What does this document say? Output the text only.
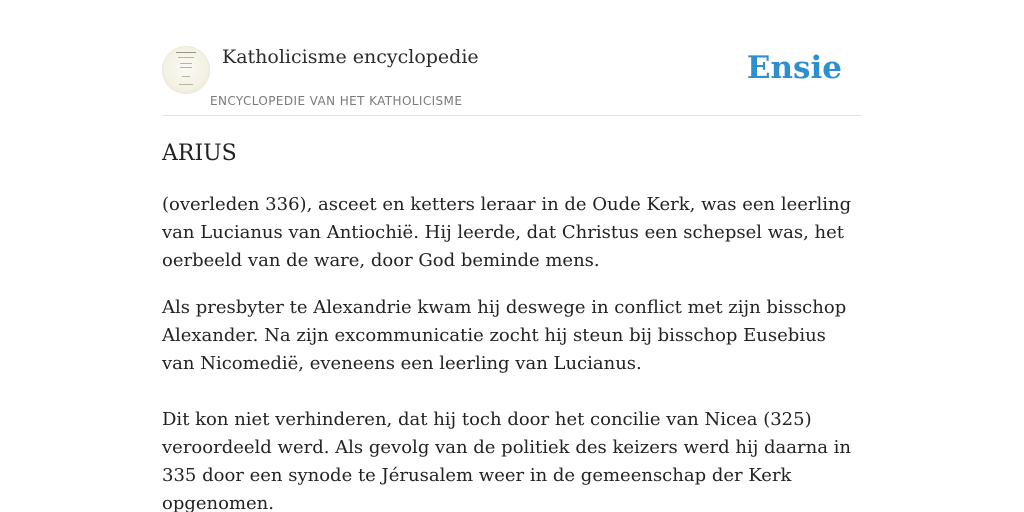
Katholicisme encyclopedie
ENCYCLOPEDIE VAN HET KATHOLICISME
Ensie
ARIUS

(overleden 336), asceet en ketters leraar in de Oude Kerk, was een leerling van Lucianus van Antiochië. Hij leerde, dat Christus een schepsel was, het oerbeeld van de ware, door God beminde mens.

Als presbyter te Alexandrie kwam hij deswege in conflict met zijn bisschop Alexander. Na zijn excommunicatie zocht hij steun bij bisschop Eusebius van Nicomedië, eveneens een leerling van Lucianus.

Dit kon niet verhinderen, dat hij toch door het concilie van Nicea (325) veroordeeld werd. Als gevolg van de politiek des keizers werd hij daarna in 335 door een synode te Jérusalem weer in de gemeenschap der Kerk opgenomen.
